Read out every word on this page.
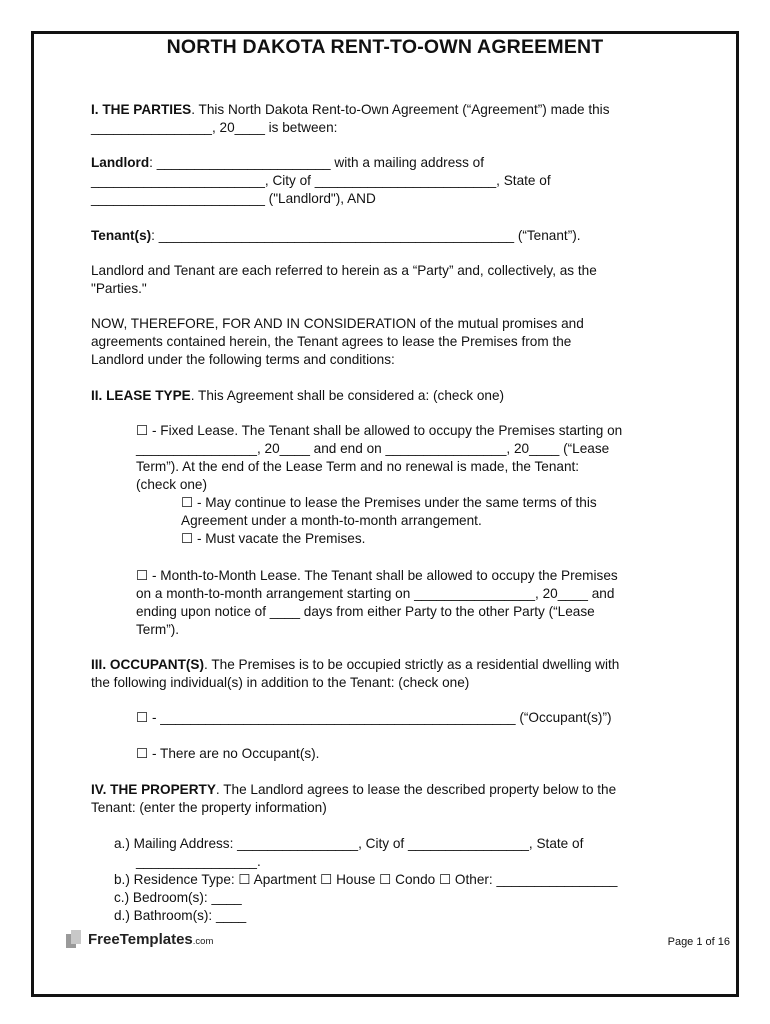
NORTH DAKOTA RENT-TO-OWN AGREEMENT
I. THE PARTIES. This North Dakota Rent-to-Own Agreement (“Agreement”) made this
________________, 20____ is between:
Landlord: _______________________ with a mailing address of
_______________________, City of ________________________, State of
_______________________ ("Landlord"), AND
Tenant(s): _______________________________________________ (“Tenant”).
Landlord and Tenant are each referred to herein as a “Party” and, collectively, as the
"Parties."
NOW, THEREFORE, FOR AND IN CONSIDERATION of the mutual promises and
agreements contained herein, the Tenant agrees to lease the Premises from the
Landlord under the following terms and conditions:
II. LEASE TYPE. This Agreement shall be considered a: (check one)
☐ - Fixed Lease. The Tenant shall be allowed to occupy the Premises starting on
________________, 20____ and end on ________________, 20____ (“Lease
Term”). At the end of the Lease Term and no renewal is made, the Tenant:
(check one)
☐ - May continue to lease the Premises under the same terms of this
Agreement under a month-to-month arrangement.
☐ - Must vacate the Premises.
☐ - Month-to-Month Lease. The Tenant shall be allowed to occupy the Premises
on a month-to-month arrangement starting on ________________, 20____ and
ending upon notice of ____ days from either Party to the other Party (“Lease
Term”).
III. OCCUPANT(S). The Premises is to be occupied strictly as a residential dwelling with
the following individual(s) in addition to the Tenant: (check one)
☐ - _______________________________________________ (“Occupant(s)”)
☐ - There are no Occupant(s).
IV. THE PROPERTY. The Landlord agrees to lease the described property below to the
Tenant: (enter the property information)
a.) Mailing Address: ________________, City of ________________, State of
________________.
b.) Residence Type: ☐ Apartment ☐ House ☐ Condo ☐ Other: ________________
c.) Bedroom(s): ____
d.) Bathroom(s): ____
FreeTemplates.com	Page 1 of 16
